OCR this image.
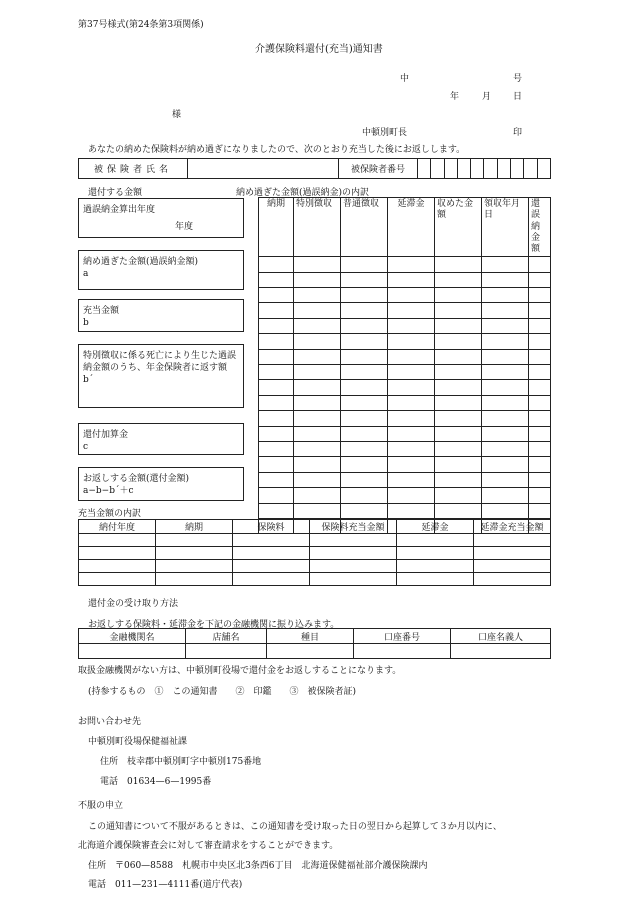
第37号様式(第24条第3項関係)
介護保険料還付(充当)通知書
中	号
年	月 日
様
中頓別町長	印
あなたの納めた保険料が納め過ぎになりましたので、次のとおり充当した後にお返しします。
被保険者氏名		被保険者番号										
還付する金額	納め過ぎた金額(過誤納金)の内訳
過誤納金算出年度
年度
納め過ぎた金額(過誤納金額)
a
充当金額
b
特別徴収に係る死亡により生じた過誤納金額のうち、年金保険者に返す額
b´
還付加算金
c
お返しする金額(還付金額)
a−b−b´＋c
納期	特別徴収	普通徴収	延滞金	収めた金額	領収年月日	還誤納金額

充当金額の内訳
納付年度	納期	保険料	保険料充当金額	延滞金	延滞金充当金額

還付金の受け取り方法
お返しする保険料・延滞金を下記の金融機関に振り込みます。
金融機関名	店舗名	種目	口座番号	口座名義人

取扱金融機関がない方は、中頓別町役場で還付金をお返しすることになります。
(持参するもの　①　この通知書　　②　印鑑　　③　被保険者証)
お問い合わせ先
中頓別町役場保健福祉課
住所　枝幸郡中頓別町字中頓別175番地
電話　01634—6—1995番
不服の申立
この通知書について不服があるときは、この通知書を受け取った日の翌日から起算して３か月以内に、
北海道介護保険審査会に対して審査請求をすることができます。
住所　〒060—8588　札幌市中央区北3条西6丁目　北海道保健福祉部介護保険課内
電話　011—231—4111番(道庁代表)
